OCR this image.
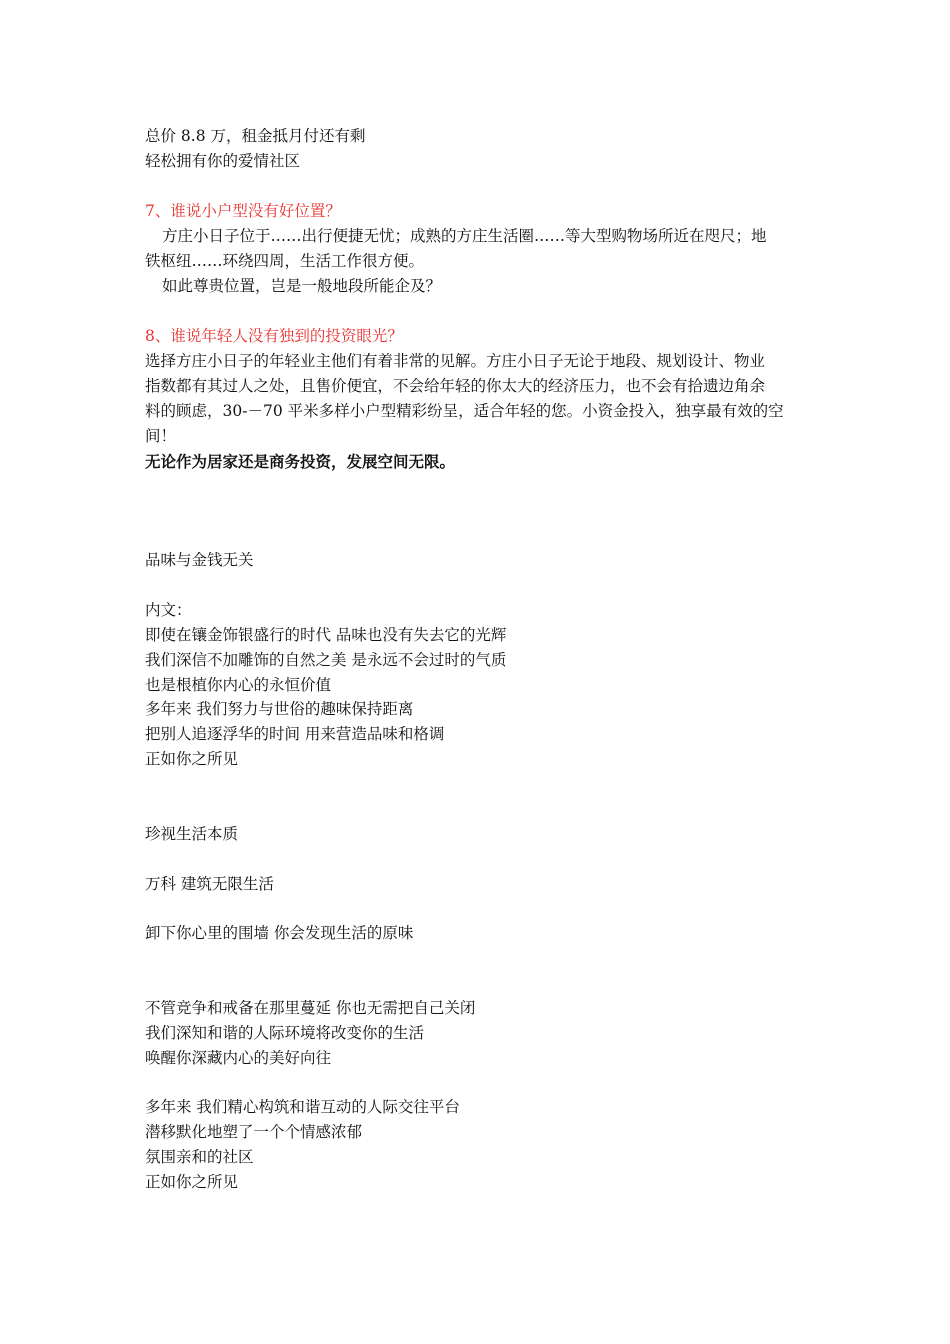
总价 8.8 万，租金抵月付还有剩
轻松拥有你的爱情社区
7、谁说小户型没有好位置？
方庄小日子位于……出行便捷无忧；成熟的方庄生活圈……等大型购物场所近在咫尺；地
铁枢纽……环绕四周，生活工作很方便。
如此尊贵位置，岂是一般地段所能企及？
8、谁说年轻人没有独到的投资眼光？
选择方庄小日子的年轻业主他们有着非常的见解。方庄小日子无论于地段、规划设计、物业
指数都有其过人之处，且售价便宜，不会给年轻的你太大的经济压力，也不会有拾遗边角余
料的顾虑，30-－70 平米多样小户型精彩纷呈，适合年轻的您。小资金投入，独享最有效的空
间！
无论作为居家还是商务投资，发展空间无限。
品味与金钱无关
内文：
即使在镶金饰银盛行的时代 品味也没有失去它的光辉
我们深信不加雕饰的自然之美 是永远不会过时的气质
也是根植你内心的永恒价值
多年来 我们努力与世俗的趣味保持距离
把别人追逐浮华的时间 用来营造品味和格调
正如你之所见
珍视生活本质
万科 建筑无限生活
卸下你心里的围墙 你会发现生活的原味
不管竞争和戒备在那里蔓延 你也无需把自己关闭
我们深知和谐的人际环境将改变你的生活
唤醒你深藏内心的美好向往
多年来 我们精心构筑和谐互动的人际交往平台
潜移默化地塑了一个个情感浓郁
氛围亲和的社区
正如你之所见
